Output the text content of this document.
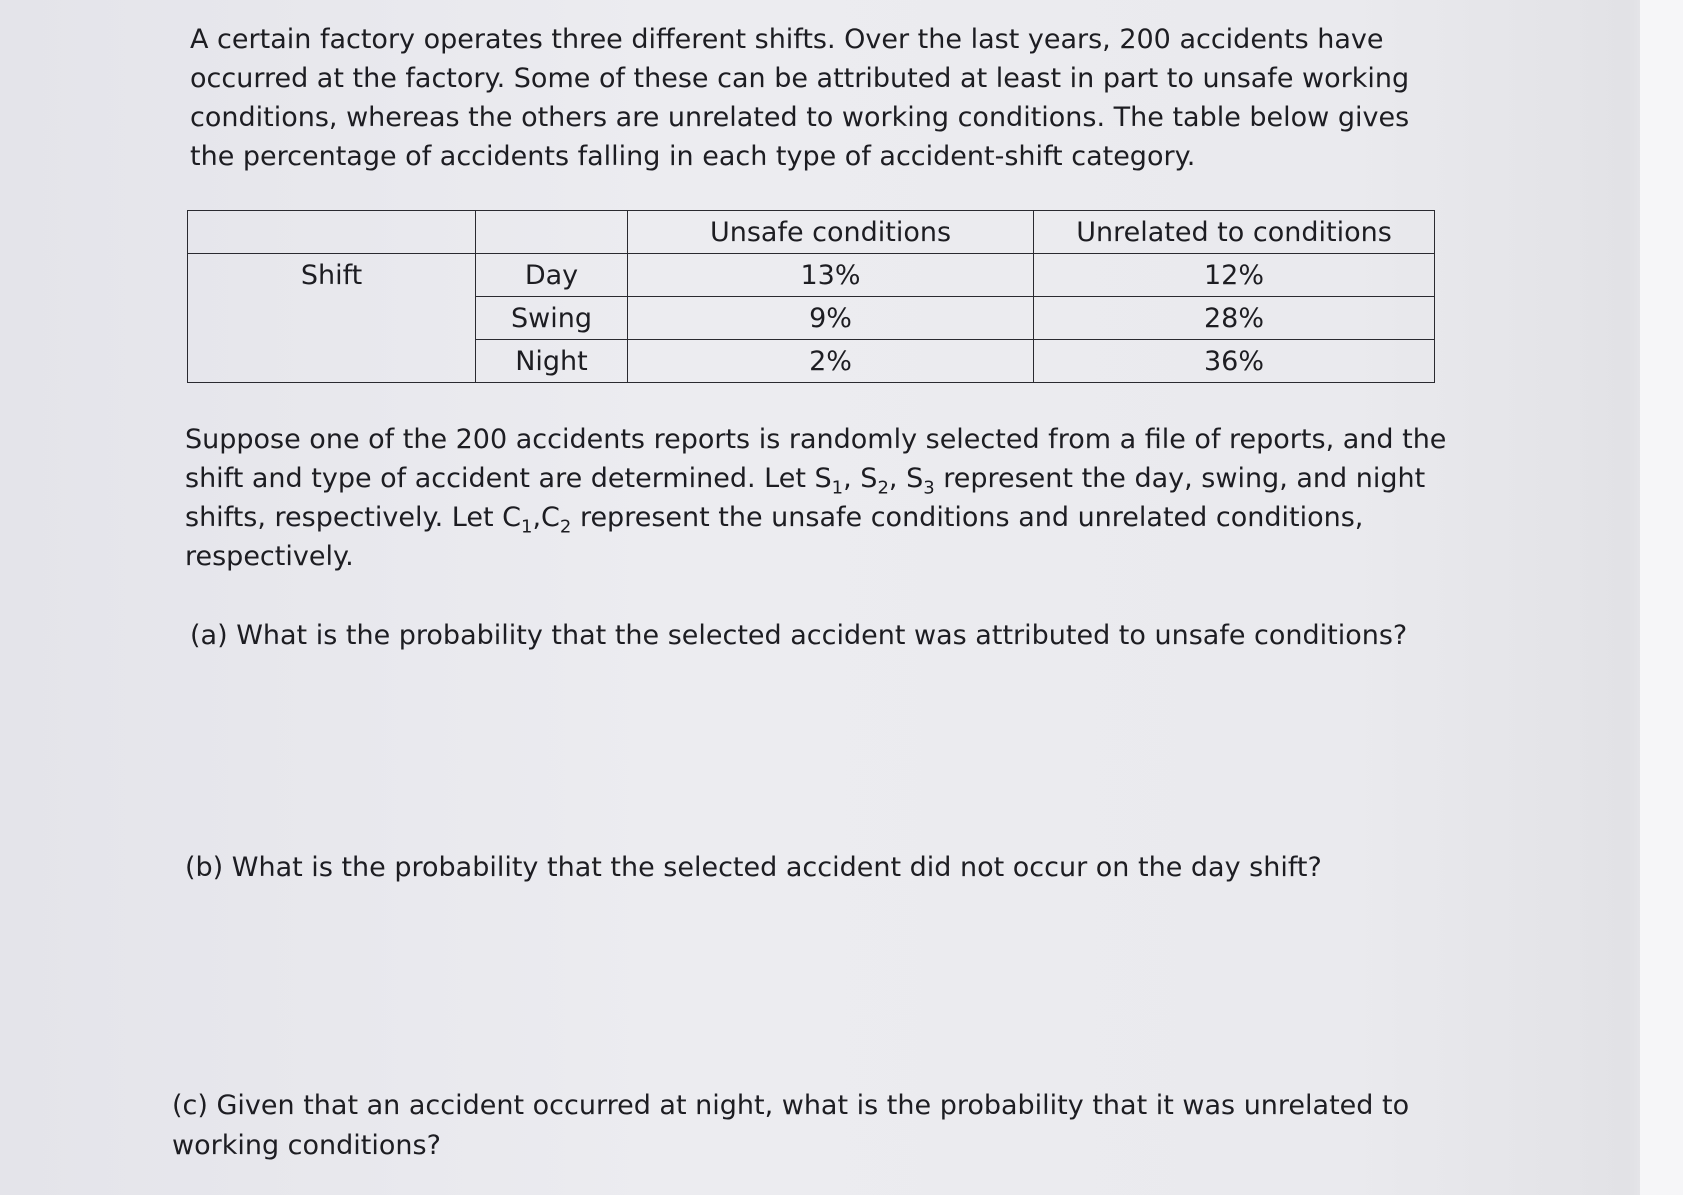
A certain factory operates three different shifts. Over the last years, 200 accidents have occurred at the factory. Some of these can be attributed at least in part to unsafe working conditions, whereas the others are unrelated to working conditions. The table below gives the percentage of accidents falling in each type of accident-shift category.

		Unsafe conditions	Unrelated to conditions
Shift	Day	13%	12%
	Swing	9%	28%
	Night	2%	36%

Suppose one of the 200 accidents reports is randomly selected from a file of reports, and the shift and type of accident are determined. Let $S_1$, $S_2$, $S_3$ represent the day, swing, and night shifts, respectively. Let $C_1,C_2$ represent the unsafe conditions and unrelated conditions, respectively.

(a) What is the probability that the selected accident was attributed to unsafe conditions?

(b) What is the probability that the selected accident did not occur on the day shift?

(c) Given that an accident occurred at night, what is the probability that it was unrelated to working conditions?
